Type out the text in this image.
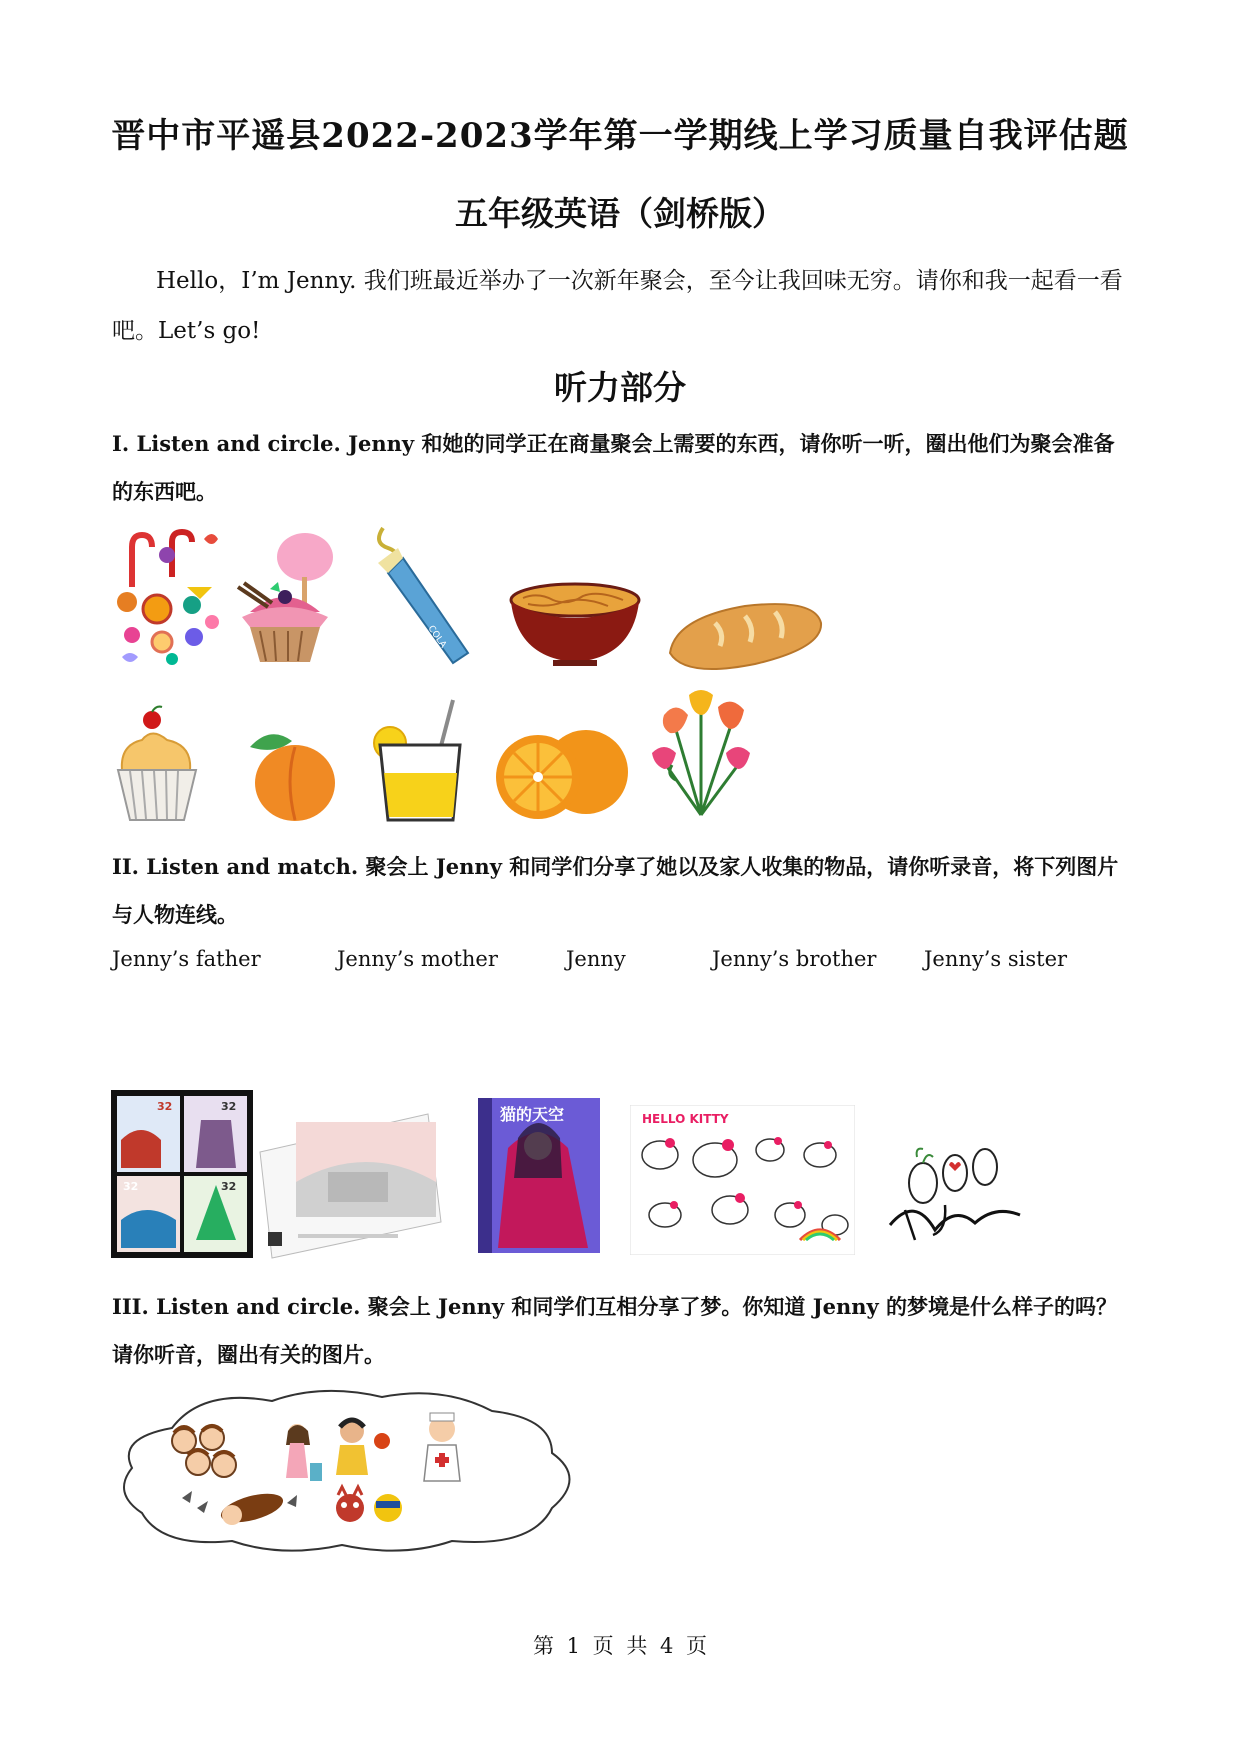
晋中市平遥县2022-2023学年第一学期线上学习质量自我评估题
五年级英语（剑桥版）
Hello，I’m Jenny. 我们班最近举办了一次新年聚会，至今让我回味无穷。请你和我一起看一看吧。Let’s go!
听力部分
I. Listen and circle. Jenny 和她的同学正在商量聚会上需要的东西，请你听一听，圈出他们为聚会准备的东西吧。
COLA
II. Listen and match. 聚会上 Jenny 和同学们分享了她以及家人收集的物品，请你听录音，将下列图片与人物连线。
Jenny’s father	Jenny’s mother	Jenny	Jenny’s brother Jenny’s sister
32	32
32	32
猫的天空	HELLO KITTY
III. Listen and circle. 聚会上 Jenny 和同学们互相分享了梦。你知道 Jenny 的梦境是什么样子的吗？请你听音，圈出有关的图片。
第 1 页 共 4 页
